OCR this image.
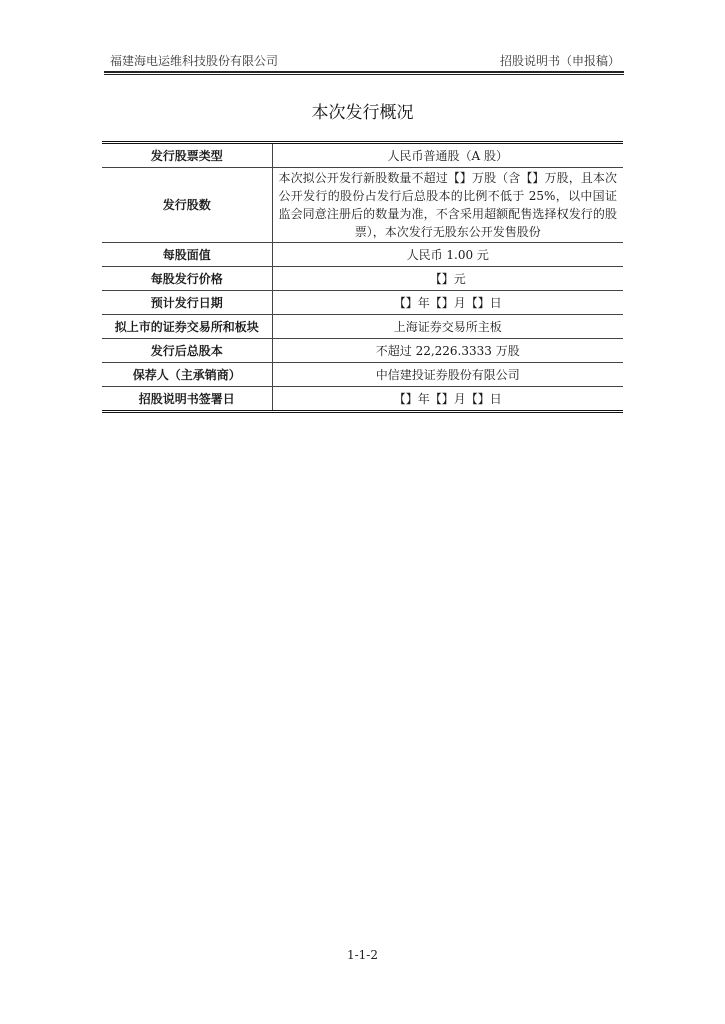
福建海电运维科技股份有限公司	招股说明书（申报稿）
本次发行概况
发行股票类型	人民币普通股（A 股）
发行股数	本次拟公开发行新股数量不超过【】万股（含【】万股，且本次公开发行的股份占发行后总股本的比例不低于 25%，以中国证监会同意注册后的数量为准，不含采用超额配售选择权发行的股票），本次发行无股东公开发售股份
每股面值	人民币 1.00 元
每股发行价格	【】元
预计发行日期	【】年【】月【】日
拟上市的证券交易所和板块	上海证券交易所主板
发行后总股本	不超过 22,226.3333 万股
保荐人（主承销商）	中信建投证券股份有限公司
招股说明书签署日	【】年【】月【】日
1-1-2
